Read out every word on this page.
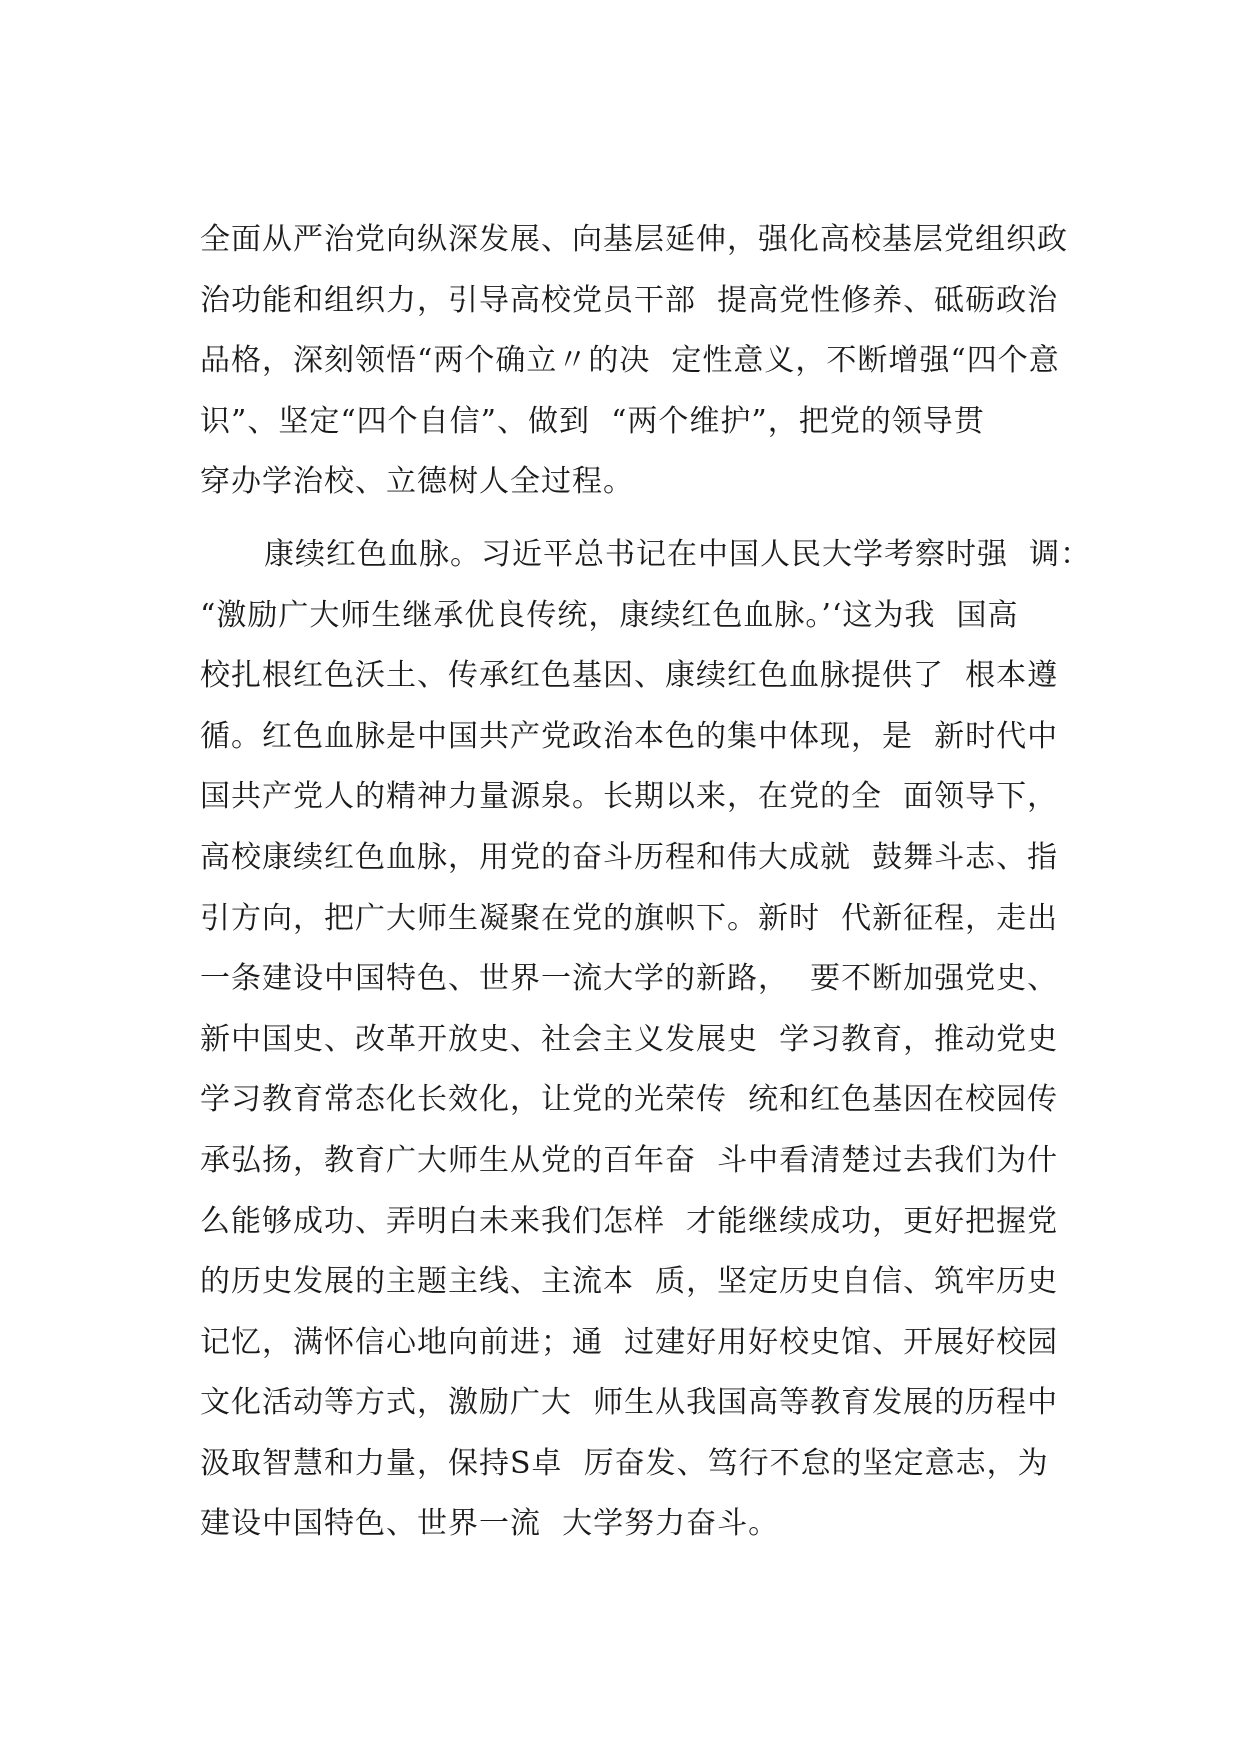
全面从严治党向纵深发展、向基层延伸，强化高校基层党组织政
治功能和组织力，引导高校党员干部  提高党性修养、砥砺政治
品格，深刻领悟“两个确立〃的决  定性意义，不断增强“四个意
识”、坚定“四个自信”、做到  “两个维护”，把党的领导贯
穿办学治校、立德树人全过程。
康续红色血脉。习近平总书记在中国人民大学考察时强  调：
“激励广大师生继承优良传统，康续红色血脉。’‘这为我  国高
校扎根红色沃土、传承红色基因、康续红色血脉提供了  根本遵
循。红色血脉是中国共产党政治本色的集中体现，是  新时代中
国共产党人的精神力量源泉。长期以来，在党的全  面领导下，
高校康续红色血脉，用党的奋斗历程和伟大成就  鼓舞斗志、指
引方向，把广大师生凝聚在党的旗帜下。新时  代新征程，走出
一条建设中国特色、世界一流大学的新路，  要不断加强党史、
新中国史、改革开放史、社会主义发展史  学习教育，推动党史
学习教育常态化长效化，让党的光荣传  统和红色基因在校园传
承弘扬，教育广大师生从党的百年奋  斗中看清楚过去我们为什
么能够成功、弄明白未来我们怎样  才能继续成功，更好把握党
的历史发展的主题主线、主流本  质，坚定历史自信、筑牢历史
记忆，满怀信心地向前进；通  过建好用好校史馆、开展好校园
文化活动等方式，激励广大  师生从我国高等教育发展的历程中
汲取智慧和力量，保持S卓  厉奋发、笃行不怠的坚定意志，为
建设中国特色、世界一流  大学努力奋斗。
